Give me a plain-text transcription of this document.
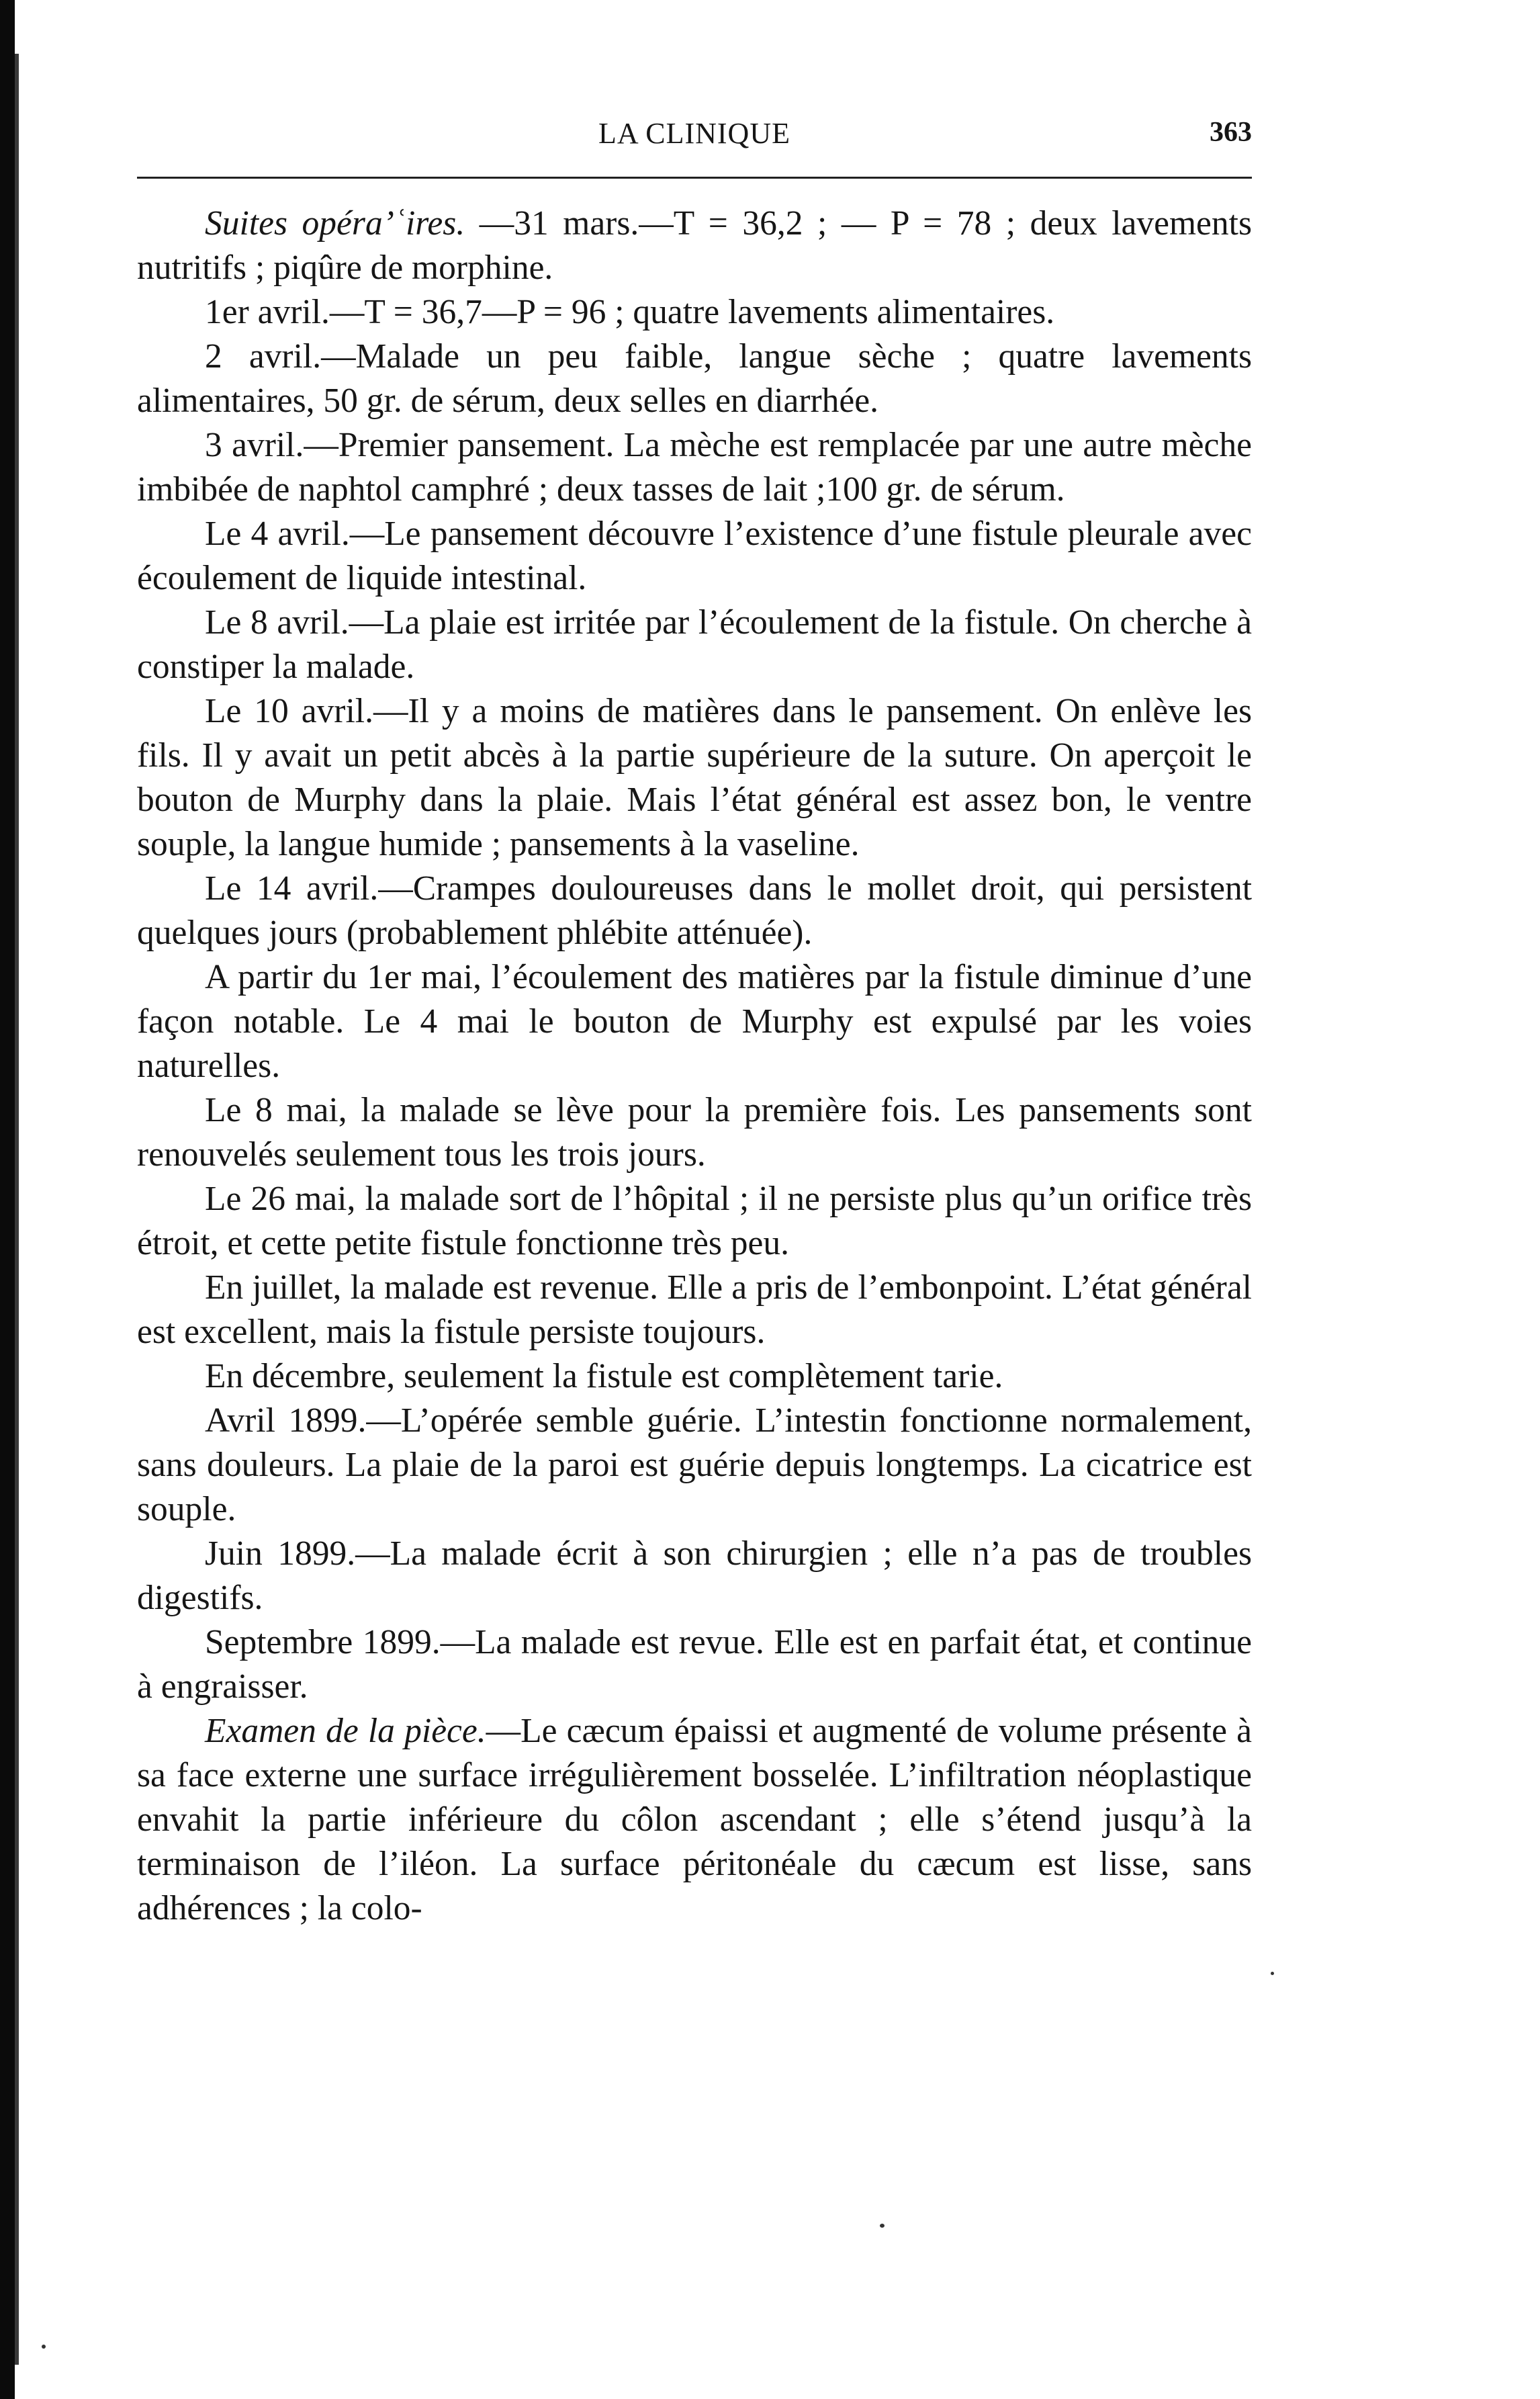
LA CLINIQUE	363

Suites opéra’ʿires. —31 mars.—T = 36,2 ; — P = 78 ; deux lavements nutritifs ; piqûre de morphine.

1er avril.—T = 36,7—P = 96 ; quatre lavements alimentaires.

2 avril.—Malade un peu faible, langue sèche ; quatre lavements alimentaires, 50 gr. de sérum, deux selles en diarrhée.

3 avril.—Premier pansement. La mèche est remplacée par une autre mèche imbibée de naphtol camphré ; deux tasses de lait ;100 gr. de sérum.

Le 4 avril.—Le pansement découvre l’existence d’une fistule pleurale avec écoulement de liquide intestinal.

Le 8 avril.—La plaie est irritée par l’écoulement de la fistule. On cherche à constiper la malade.

Le 10 avril.—Il y a moins de matières dans le pansement. On enlève les fils. Il y avait un petit abcès à la partie supérieure de la suture. On aperçoit le bouton de Murphy dans la plaie. Mais l’état général est assez bon, le ventre souple, la langue humide ; pansements à la vaseline.

Le 14 avril.—Crampes douloureuses dans le mollet droit, qui persistent quelques jours (probablement phlébite atténuée).

A partir du 1er mai, l’écoulement des matières par la fistule diminue d’une façon notable. Le 4 mai le bouton de Murphy est expulsé par les voies naturelles.

Le 8 mai, la malade se lève pour la première fois. Les pansements sont renouvelés seulement tous les trois jours.

Le 26 mai, la malade sort de l’hôpital ; il ne persiste plus qu’un orifice très étroit, et cette petite fistule fonctionne très peu.

En juillet, la malade est revenue. Elle a pris de l’embonpoint. L’état général est excellent, mais la fistule persiste toujours.

En décembre, seulement la fistule est complètement tarie.

Avril 1899.—L’opérée semble guérie. L’intestin fonctionne normalement, sans douleurs. La plaie de la paroi est guérie depuis longtemps. La cicatrice est souple.

Juin 1899.—La malade écrit à son chirurgien ; elle n’a pas de troubles digestifs.

Septembre 1899.—La malade est revue. Elle est en parfait état, et continue à engraisser.

Examen de la pièce.—Le cæcum épaissi et augmenté de volume présente à sa face externe une surface irrégulièrement bosselée. L’infiltration néoplastique envahit la partie inférieure du côlon ascendant ; elle s’étend jusqu’à la terminaison de l’iléon. La surface péritonéale du cæcum est lisse, sans adhérences ; la colo-
